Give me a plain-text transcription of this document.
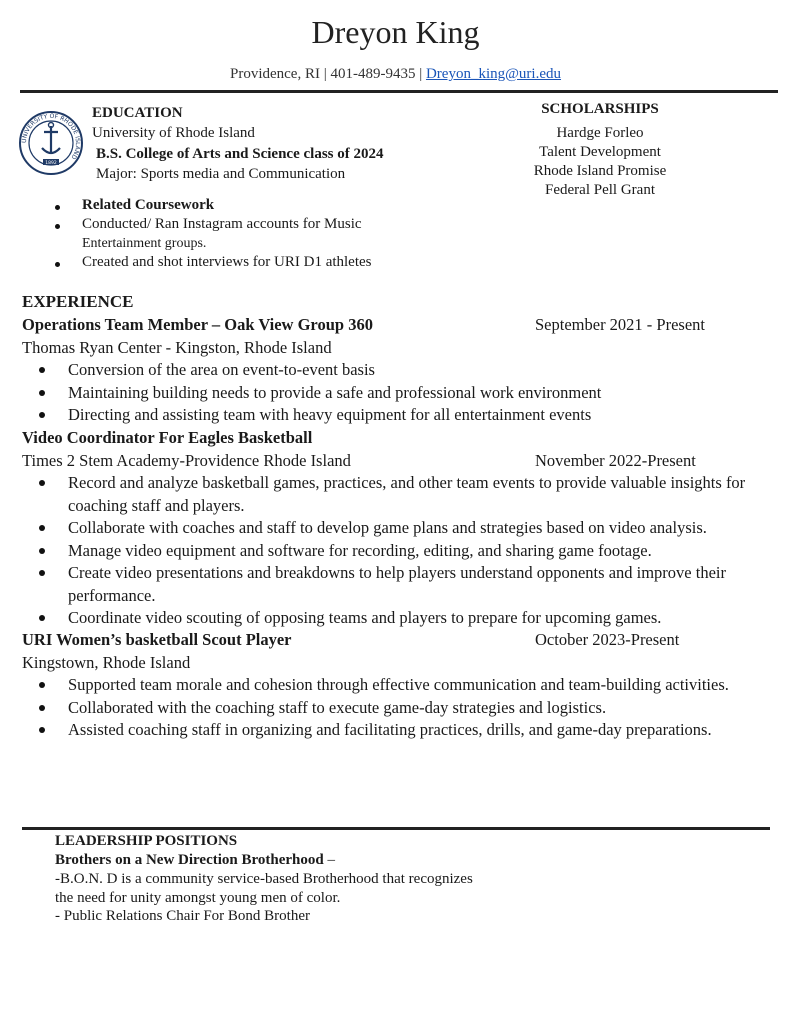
Dreyon King
Providence, RI | 401-489-9435 | Dreyon_king@uri.edu
UNIVERSITY OF RHODE ISLAND
1892
EDUCATION
University of Rhode Island
B.S. College of Arts and Science class of 2024
Major: Sports media and Communication
Related Coursework
Conducted/ Ran Instagram accounts for Music
Entertainment groups.
Created and shot interviews for URI D1 athletes
SCHOLARSHIPS
Hardge Forleo
Talent Development
Rhode Island Promise
Federal Pell Grant
EXPERIENCE
Operations Team Member – Oak View Group 360	September 2021 - Present
Thomas Ryan Center - Kingston, Rhode Island
Conversion of the area on event-to-event basis
Maintaining building needs to provide a safe and professional work environment
Directing and assisting team with heavy equipment for all entertainment events
Video Coordinator For Eagles Basketball
Times 2 Stem Academy-Providence Rhode Island	November 2022-Present
Record and analyze basketball games, practices, and other team events to provide valuable insights for
coaching staff and players.
Collaborate with coaches and staff to develop game plans and strategies based on video analysis.
Manage video equipment and software for recording, editing, and sharing game footage.
Create video presentations and breakdowns to help players understand opponents and improve their
performance.
Coordinate video scouting of opposing teams and players to prepare for upcoming games.
URI Women’s basketball Scout Player	October 2023-Present
Kingstown, Rhode Island
Supported team morale and cohesion through effective communication and team-building activities.
Collaborated with the coaching staff to execute game-day strategies and logistics.
Assisted coaching staff in organizing and facilitating practices, drills, and game-day preparations.
LEADERSHIP POSITIONS
Brothers on a New Direction Brotherhood –
-B.O.N. D is a community service-based Brotherhood that recognizes
the need for unity amongst young men of color.
- Public Relations Chair For Bond Brother
